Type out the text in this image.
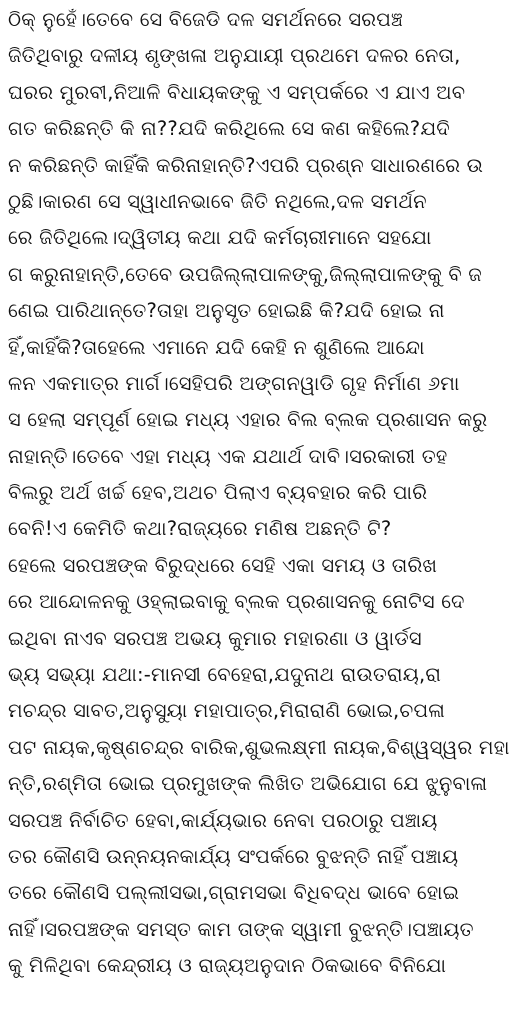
ଠିକ୍ ନୁହେଁ।ତେବେ ସେ ବିଜେଡି ଦଳ ସମର୍ଥନରେ ସରପଞ୍ଚ
ଜିତିଥିବାରୁ ଦଳୀୟ ଶୃଙ୍ଖଳା ଅନୁଯାୟୀ ପ୍ରଥମେ ଦଳର ନେତା,
ଘରର ମୁରବୀ,ନିଆଳି ବିଧାୟକଙ୍କୁ ଏ ସମ୍ପର୍କରେ ଏ ଯାଏ ଅବ
ଗତ କରିଛନ୍ତି କି ନା??ଯଦି କରିଥିଲେ ସେ କଣ କହିଲେ?ଯଦି
ନ କରିଛନ୍ତି କାହିଁକି କରିନାହାନ୍ତି?ଏପରି ପ୍ରଶ୍ନ ସାଧାରଣରେ ଉ
ଠୁଛି।କାରଣ ସେ ସ୍ୱାଧୀନଭାବେ ଜିତି ନଥିଲେ,ଦଳ ସମର୍ଥନ
ରେ ଜିତିଥିଲେ।ଦ୍ୱିତୀୟ କଥା ଯଦି କର୍ମଚାରୀମାନେ ସହଯୋ
ଗ କରୁନାହାନ୍ତି,ତେବେ ଉପଜିଲ୍ଲାପାଳଙ୍କୁ,ଜିଲ୍ଲାପାଳଙ୍କୁ ବି ଜ
ଣେଇ ପାରିଥାନ୍ତେ?ତାହା ଅନୁସୃତ ହୋଇଛି କି?ଯଦି ହୋଇ ନା
ହିଁ,କାହିଁକି?ତାହେଲେ ଏମାନେ ଯଦି କେହି ନ ଶୁଣିଲେ ଆନ୍ଦୋ
ଳନ ଏକମାତ୍ର ମାର୍ଗ।ସେହିପରି ଅଙ୍ଗନୱାଡି ଗୃହ ନିର୍ମାଣ ୬ମା
ସ ହେଲା ସମ୍ପୂର୍ଣ ହୋଇ ମଧ୍ୟ ଏହାର ବିଲ ବ୍ଲକ ପ୍ରଶାସନ କରୁ
ନାହାନ୍ତି।ତେବେ ଏହା ମଧ୍ୟ ଏକ ଯଥାର୍ଥ ଦାବି।ସରକାରୀ ତହ
ବିଲରୁ ଅର୍ଥ ଖର୍ଚ୍ଚ ହେବ,ଅଥଚ ପିଲାଏ ବ୍ୟବହାର କରି ପାରି
ବେନି!ଏ କେମିତି କଥା?ରାଜ୍ୟରେ ମଣିଷ ଅଛନ୍ତି ଟି?
ହେଲେ ସରପଞ୍ଚଙ୍କ ବିରୁଦ୍ଧରେ ସେହି ଏକା ସମୟ ଓ ତାରିଖ
ରେ ଆନ୍ଦୋଳନକୁ ଓହ୍ଲାଇବାକୁ ବ୍ଲକ ପ୍ରଶାସନକୁ ନୋଟିସ ଦେ
ଇଥିବା ନାଏବ ସରପଞ୍ଚ ଅଭୟ କୁମାର ମହାରଣା ଓ ୱାର୍ଡସ
ଭ୍ୟ ସଭ୍ୟା ଯଥା:-ମାନସୀ ବେହେରା,ଯଦୁନାଥ ରାଉତରାୟ,ରା
ମଚନ୍ଦ୍ର ସାବତ,ଅନୁସୁୟା ମହାପାତ୍ର,ମିରାରାଣି ଭୋଇ,ଚପଳା
ପଟ ନାୟକ,କୃଷ୍ଣଚନ୍ଦ୍ର ବାରିକ,ଶୁଭଲକ୍ଷ୍ମୀ ନାୟକ,ବିଶ୍ୱସ୍ୱର ମହା
ନ୍ତି,ରଶ୍ମିତା ଭୋଇ ପ୍ରମୁଖଙ୍କ ଲିଖିତ ଅଭିଯୋଗ ଯେ ଝୁନୁବାଳା
ସରପଞ୍ଚ ନିର୍ବାଚିତ ହେବା,କାର୍ଯ୍ୟଭାର ନେବା ପରଠାରୁ ପଞ୍ଚାୟ
ତର କୌଣସି ଉନ୍ନୟନକାର୍ଯ୍ୟ ସଂପର୍କରେ ବୁଝନ୍ତି ନାହିଁ ପଞ୍ଚାୟ
ତରେ କୌଣସି ପଲ୍ଲୀସଭା,ଗ୍ରାମସଭା ବିଧିବଦ୍ଧ ଭାବେ ହୋଇ
ନାହିଁ।ସରପଞ୍ଚଙ୍କ ସମସ୍ତ କାମ ତାଙ୍କ ସ୍ୱାମୀ ବୁଝନ୍ତି।ପଞ୍ଚାୟତ
କୁ ମିଳିଥିବା କେନ୍ଦ୍ରୀୟ ଓ ରାଜ୍ୟଅନୁଦାନ ଠିକଭାବେ ବିନିଯୋ
